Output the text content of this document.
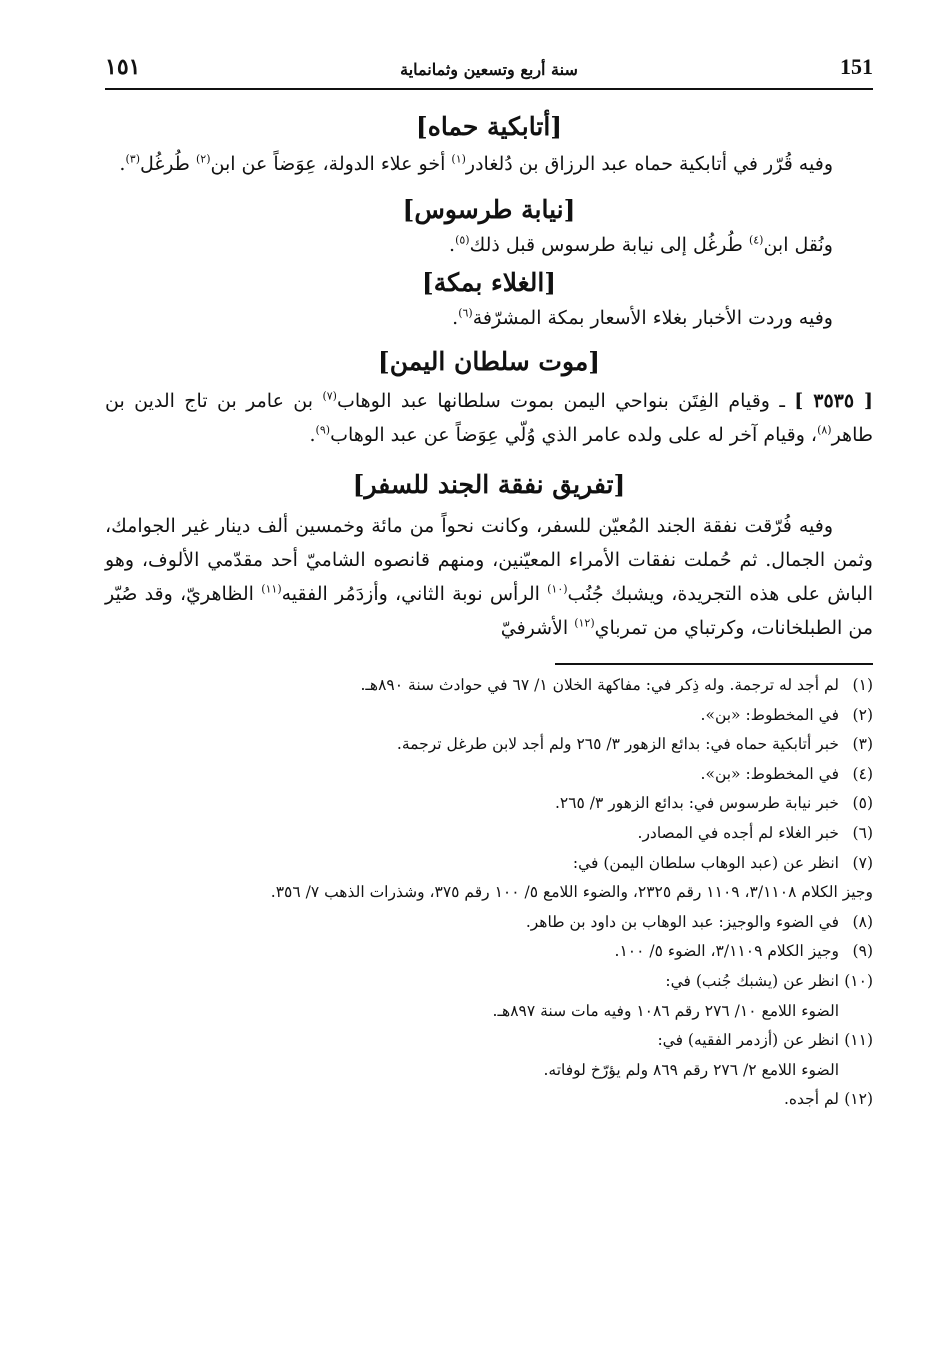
151
سنة أربع وتسعين وثمانماية
١٥١
[أتابكية حماه]

وفيه قُرّر في أتابكية حماه عبد الرزاق بن دُلغادر$^{(١)}$ أخو علاء الدولة، عِوَضاً عن ابن$^{(٢)}$ طُرغُل$^{(٣)}$.

[نيابة طرسوس]

ونُقل ابن$^{(٤)}$ طُرغُل إلى نيابة طرسوس قبل ذلك$^{(٥)}$.

[الغلاء بمكة]

وفيه وردت الأخبار بغلاء الأسعار بمكة المشرّفة$^{(٦)}$.

[موت سلطان اليمن]

[ ٣٥٣٥ ] ـ وقيام الفِتَن بنواحي اليمن بموت سلطانها عبد الوهاب$^{(٧)}$ بن عامر بن تاج الدين بن طاهر$^{(٨)}$، وقيام آخر له على ولده عامر الذي وُلّي عِوَضاً عن عبد الوهاب$^{(٩)}$.

[تفريق نفقة الجند للسفر]

وفيه فُرّقت نفقة الجند المُعيّن للسفر، وكانت نحواً من مائة وخمسين ألف دينار غير الجوامك، وثمن الجمال. ثم حُملت نفقات الأمراء المعيّنين، ومنهم قانصوه الشاميّ أحد مقدّمي الألوف، وهو الباش على هذه التجريدة، ويشبك جُنُب$^{(١٠)}$ الرأس نوبة الثاني، وأزدَمُر الفقيه$^{(١١)}$ الظاهريّ، وقد صُيّر من الطبلخانات، وكرتباي من تمرباي$^{(١٢)}$ الأشرفيّ

(١)لم أجد له ترجمة. وله ذِكر في: مفاكهة الخلان ١/ ٦٧ في حوادث سنة ٨٩٠هـ.

(٢)في المخطوط: «بن».

(٣)خبر أتابكية حماه في: بدائع الزهور ٣/ ٢٦٥ ولم أجد لابن طرغل ترجمة.

(٤)في المخطوط: «بن».

(٥)خبر نيابة طرسوس في: بدائع الزهور ٣/ ٢٦٥.

(٦)خبر الغلاء لم أجده في المصادر.

(٧)انظر عن (عبد الوهاب سلطان اليمن) في:

وجيز الكلام ٣/١١٠٨، ١١٠٩ رقم ٢٣٢٥، والضوء اللامع ٥/ ١٠٠ رقم ٣٧٥، وشذرات الذهب ٧/ ٣٥٦.

(٨)في الضوء والوجيز: عبد الوهاب بن داود بن طاهر.

(٩)وجيز الكلام ٣/١١٠٩، الضوء ٥/ ١٠٠.

(١٠)انظر عن (يشبك جُنب) في:

الضوء اللامع ١٠/ ٢٧٦ رقم ١٠٨٦ وفيه مات سنة ٨٩٧هـ.

(١١)انظر عن (أزدمر الفقيه) في:

الضوء اللامع ٢/ ٢٧٦ رقم ٨٦٩ ولم يؤرّخ لوفاته.

(١٢)لم أجده.
